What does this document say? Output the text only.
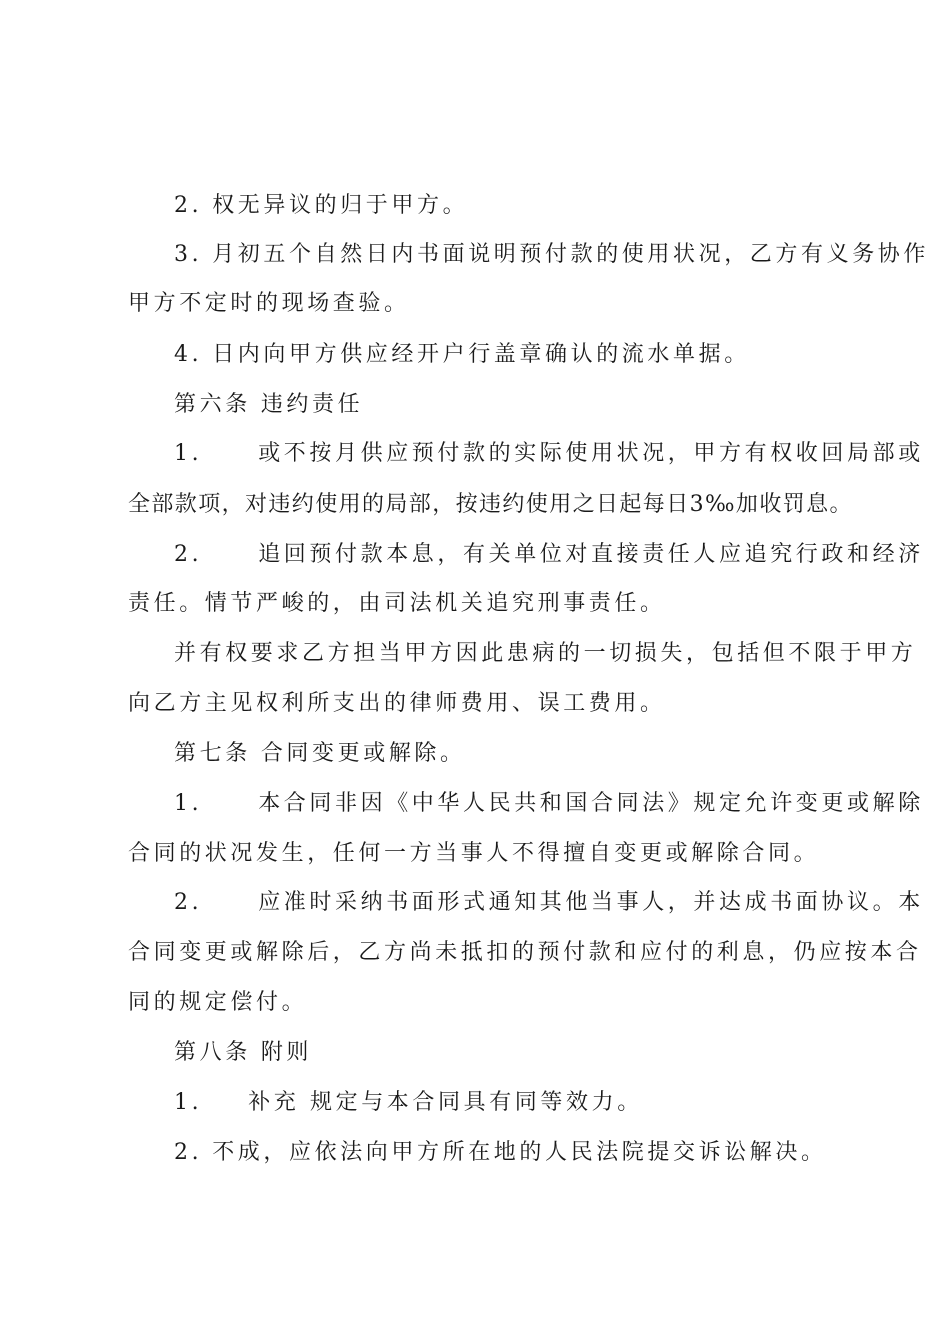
2. 权无异议的归于甲方。
3. 月初五个自然日内书面说明预付款的使用状况，乙方有义务协作
甲方不定时的现场查验。
4. 日内向甲方供应经开户行盖章确认的流水单据。
第六条 违约责任
1.	或不按月供应预付款的实际使用状况，甲方有权收回局部或
全部款项，对违约使用的局部，按违约使用之日起每日3‰加收罚息。
2.	追回预付款本息，有关单位对直接责任人应追究行政和经济
责任。情节严峻的，由司法机关追究刑事责任。
并有权要求乙方担当甲方因此患病的一切损失，包括但不限于甲方
向乙方主见权利所支出的律师费用、误工费用。
第七条 合同变更或解除。
1.	本合同非因《中华人民共和国合同法》规定允许变更或解除
合同的状况发生，任何一方当事人不得擅自变更或解除合同。
2.	应准时采纳书面形式通知其他当事人，并达成书面协议。本
合同变更或解除后，乙方尚未抵扣的预付款和应付的利息，仍应按本合
同的规定偿付。
第八条 附则
1. 补充 规定与本合同具有同等效力。
2. 不成，应依法向甲方所在地的人民法院提交诉讼解决。
